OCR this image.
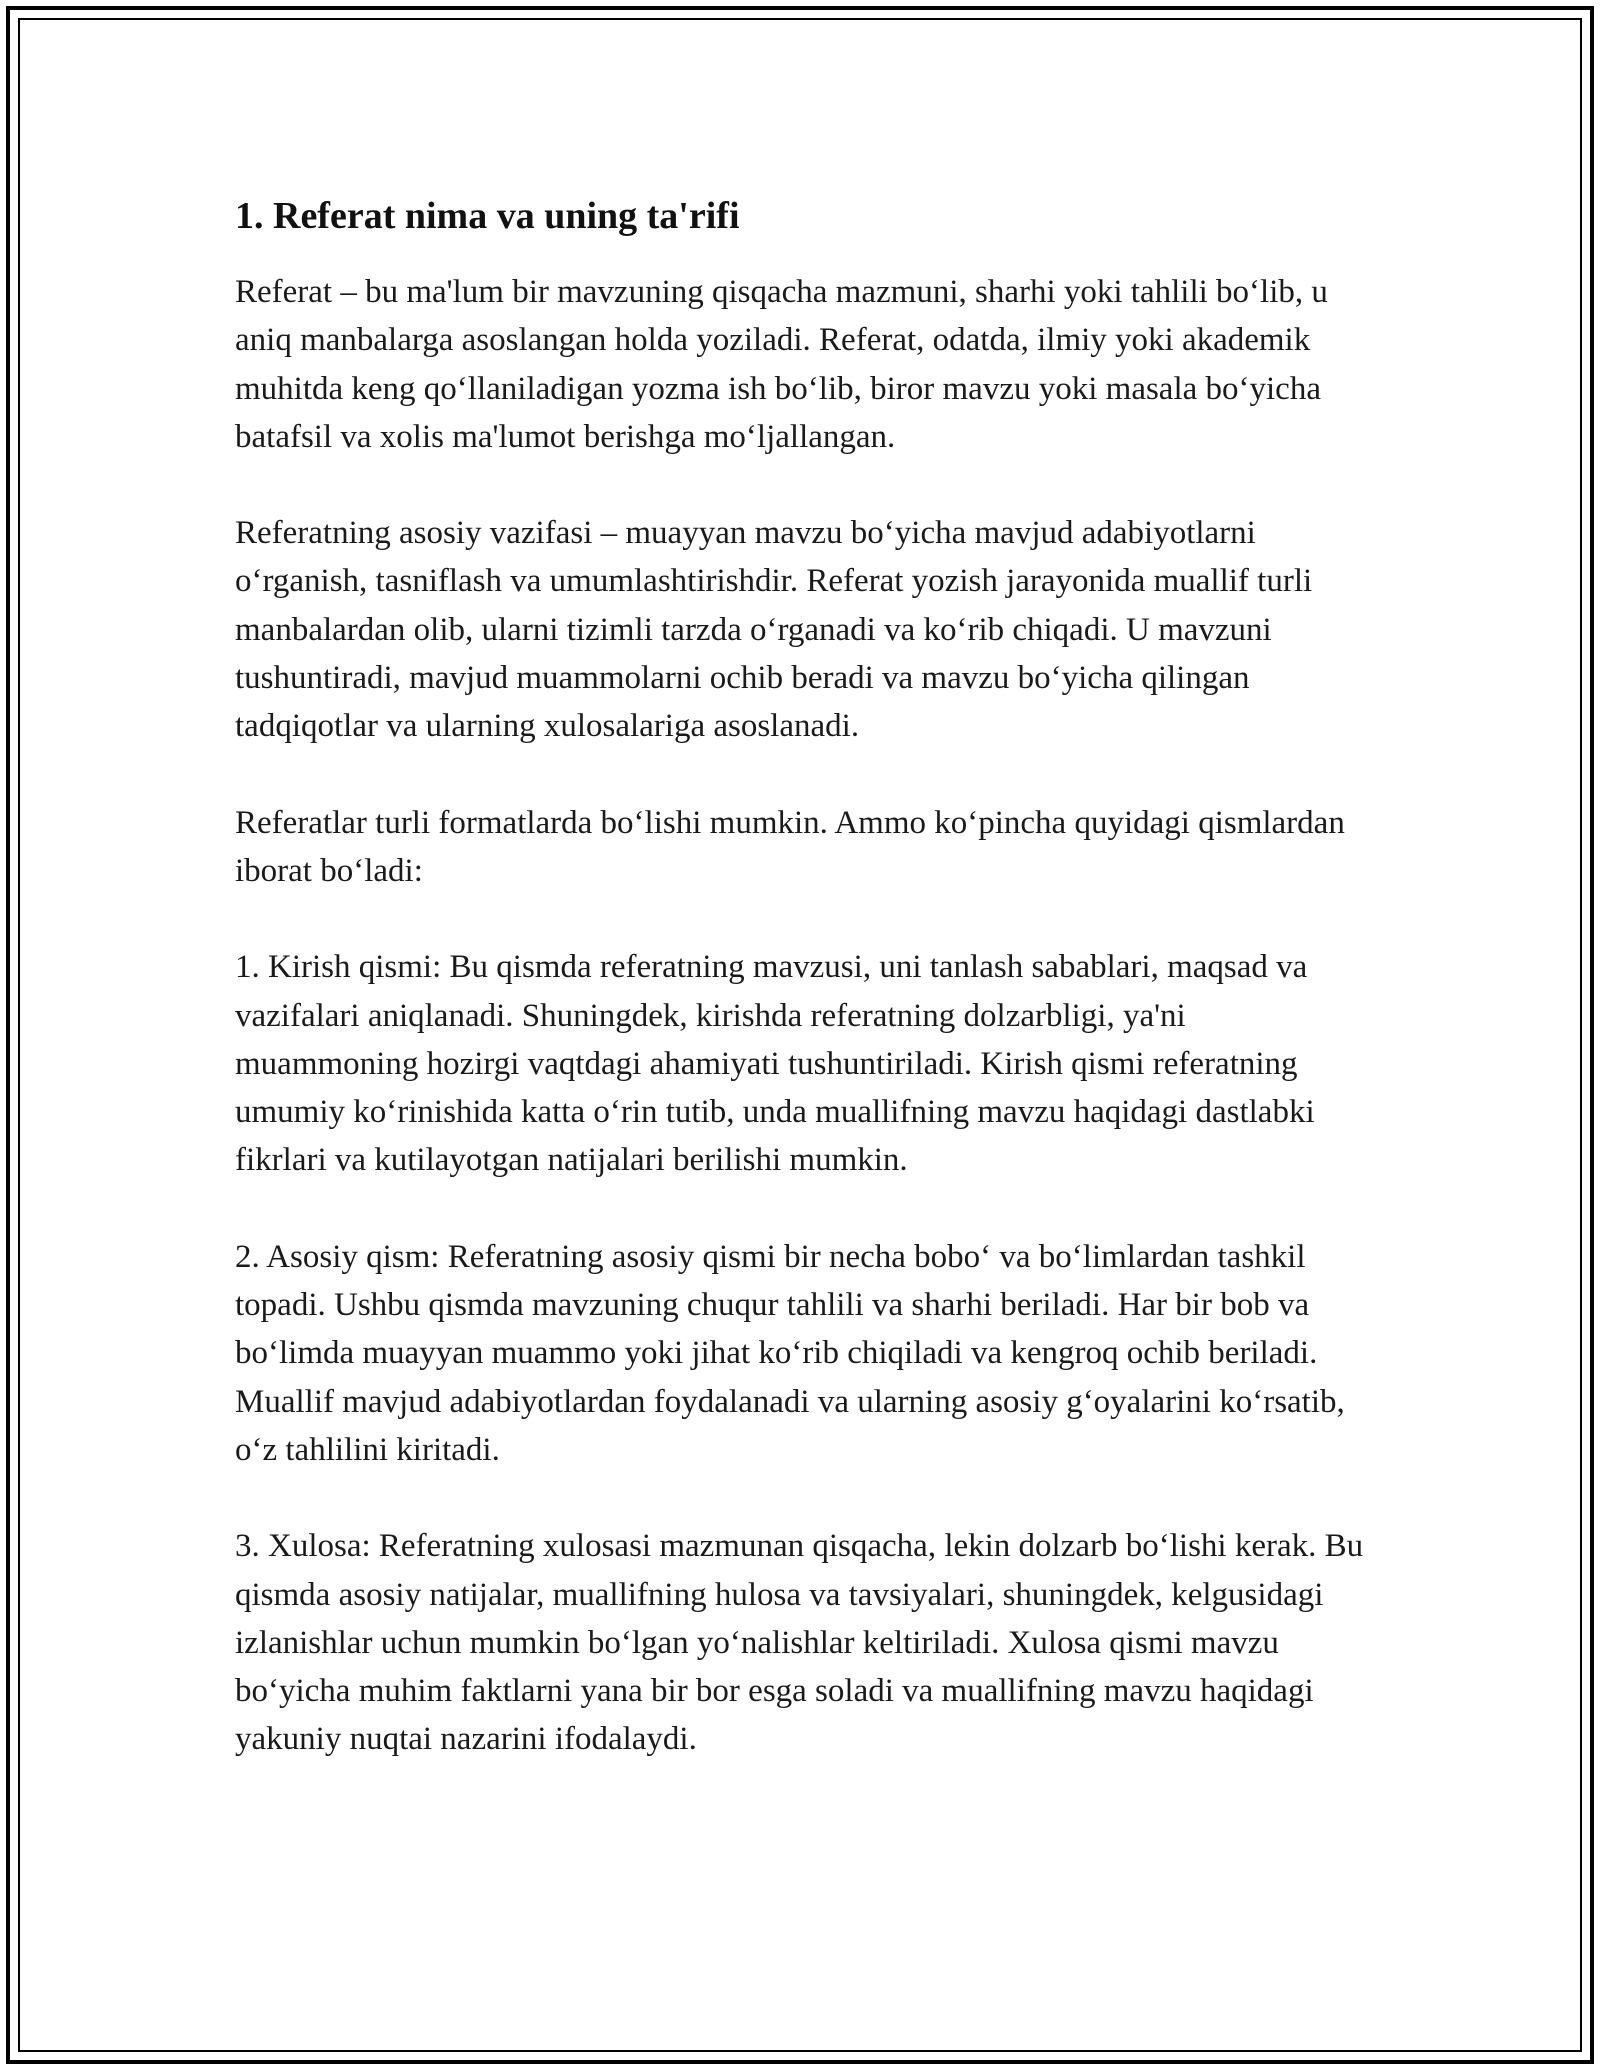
1. Referat nima va uning ta'rifi

Referat – bu ma'lum bir mavzuning qisqacha mazmuni, sharhi yoki tahlili bo‘lib, u aniq manbalarga asoslangan holda yoziladi. Referat, odatda, ilmiy yoki akademik muhitda keng qo‘llaniladigan yozma ish bo‘lib, biror mavzu yoki masala bo‘yicha batafsil va xolis ma'lumot berishga mo‘ljallangan.

Referatning asosiy vazifasi – muayyan mavzu bo‘yicha mavjud adabiyotlarni o‘rganish, tasniflash va umumlashtirishdir. Referat yozish jarayonida muallif turli manbalardan olib, ularni tizimli tarzda o‘rganadi va ko‘rib chiqadi. U mavzuni tushuntiradi, mavjud muammolarni ochib beradi va mavzu bo‘yicha qilingan tadqiqotlar va ularning xulosalariga asoslanadi.

Referatlar turli formatlarda bo‘lishi mumkin. Ammo ko‘pincha quyidagi qismlardan iborat bo‘ladi:

1. Kirish qismi: Bu qismda referatning mavzusi, uni tanlash sabablari, maqsad va vazifalari aniqlanadi. Shuningdek, kirishda referatning dolzarbligi, ya'ni muammoning hozirgi vaqtdagi ahamiyati tushuntiriladi. Kirish qismi referatning umumiy ko‘rinishida katta o‘rin tutib, unda muallifning mavzu haqidagi dastlabki fikrlari va kutilayotgan natijalari berilishi mumkin.

2. Asosiy qism: Referatning asosiy qismi bir necha bobo‘ va bo‘limlardan tashkil topadi. Ushbu qismda mavzuning chuqur tahlili va sharhi beriladi. Har bir bob va bo‘limda muayyan muammo yoki jihat ko‘rib chiqiladi va kengroq ochib beriladi. Muallif mavjud adabiyotlardan foydalanadi va ularning asosiy g‘oyalarini ko‘rsatib, o‘z tahlilini kiritadi.

3. Xulosa: Referatning xulosasi mazmunan qisqacha, lekin dolzarb bo‘lishi kerak. Bu qismda asosiy natijalar, muallifning hulosa va tavsiyalari, shuningdek, kelgusidagi izlanishlar uchun mumkin bo‘lgan yo‘nalishlar keltiriladi. Xulosa qismi mavzu bo‘yicha muhim faktlarni yana bir bor esga soladi va muallifning mavzu haqidagi yakuniy nuqtai nazarini ifodalaydi.
